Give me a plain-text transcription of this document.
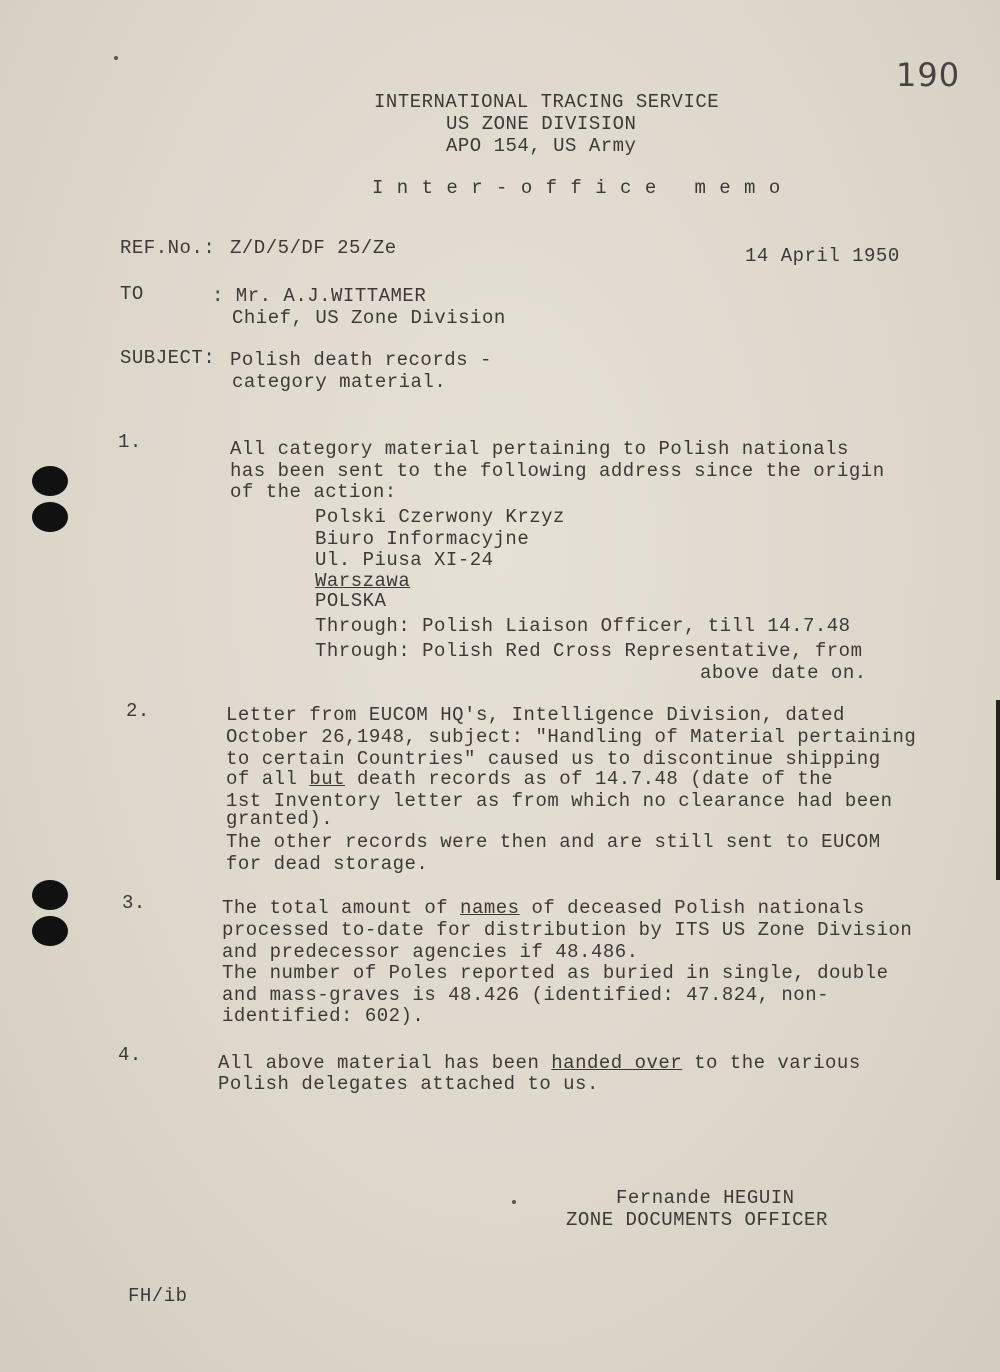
190
INTERNATIONAL TRACING SERVICE
US ZONE DIVISION
APO 154, US Army
I n t e r - o f f i c e   m e m o
REF.No.: Z/D/5/DF 25/Ze	14 April 1950
TO	: Mr. A.J.WITTAMER
Chief, US Zone Division
SUBJECT: Polish death records -
category material.
1.	All category material pertaining to Polish nationals
has been sent to the following address since the origin
of the action:
Polski Czerwony Krzyz
Biuro Informacyjne
Ul. Piusa XI-24
Warszawa
POLSKA
Through: Polish Liaison Officer, till 14.7.48
Through: Polish Red Cross Representative, from
above date on.
2.	Letter from EUCOM HQ's, Intelligence Division, dated
October 26,1948, subject: "Handling of Material pertaining
to certain Countries" caused us to discontinue shipping
of all but death records as of 14.7.48 (date of the
1st Inventory letter as from which no clearance had been
granted).
The other records were then and are still sent to EUCOM
for dead storage.
3.	The total amount of names of deceased Polish nationals
processed to-date for distribution by ITS US Zone Division
and predecessor agencies if 48.486.
The number of Poles reported as buried in single, double
and mass-graves is 48.426 (identified: 47.824, non-
identified: 602).
4.	All above material has been handed over to the various
Polish delegates attached to us.
Fernande HEGUIN
ZONE DOCUMENTS OFFICER
FH/ib
